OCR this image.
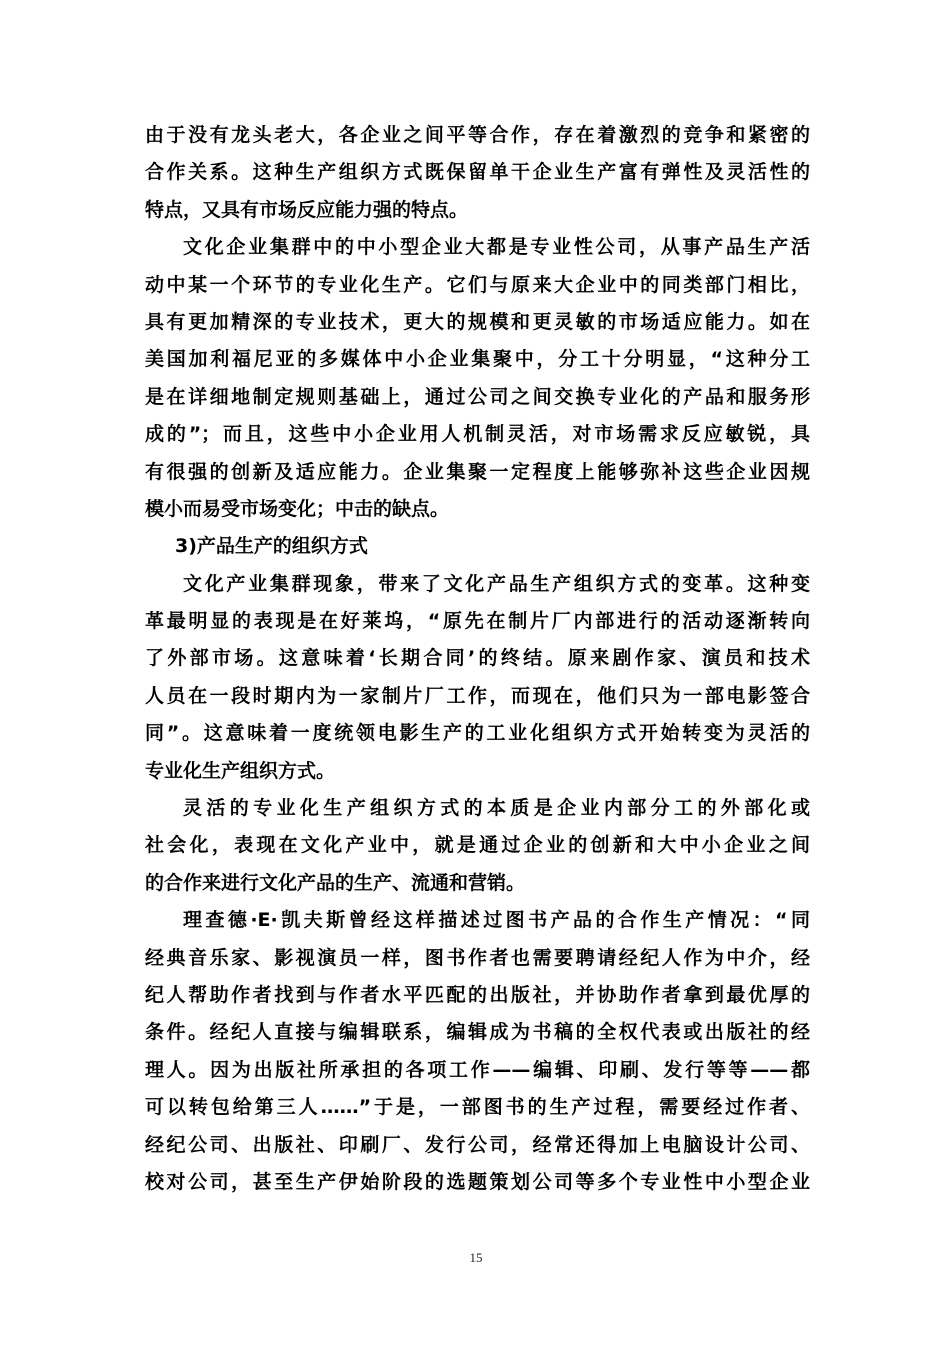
由于没有龙头老大，各企业之间平等合作，存在着激烈的竞争和紧密的
合作关系。这种生产组织方式既保留单干企业生产富有弹性及灵活性的
特点，又具有市场反应能力强的特点。
文化企业集群中的中小型企业大都是专业性公司，从事产品生产活
动中某一个环节的专业化生产。它们与原来大企业中的同类部门相比，
具有更加精深的专业技术，更大的规模和更灵敏的市场适应能力。如在
美国加利福尼亚的多媒体中小企业集聚中，分工十分明显，“这种分工
是在详细地制定规则基础上，通过公司之间交换专业化的产品和服务形
成的”；而且，这些中小企业用人机制灵活，对市场需求反应敏锐，具
有很强的创新及适应能力。企业集聚一定程度上能够弥补这些企业因规
模小而易受市场变化；中击的缺点。
3)产品生产的组织方式
文化产业集群现象，带来了文化产品生产组织方式的变革。这种变
革最明显的表现是在好莱坞，“原先在制片厂内部进行的活动逐渐转向
了外部市场。这意味着‘长期合同’的终结。原来剧作家、演员和技术
人员在一段时期内为一家制片厂工作，而现在，他们只为一部电影签合
同”。这意味着一度统领电影生产的工业化组织方式开始转变为灵活的
专业化生产组织方式。
灵活的专业化生产组织方式的本质是企业内部分工的外部化或
社会化，表现在文化产业中，就是通过企业的创新和大中小企业之间
的合作来进行文化产品的生产、流通和营销。
理查德·E·凯夫斯曾经这样描述过图书产品的合作生产情况：“同
经典音乐家、影视演员一样，图书作者也需要聘请经纪人作为中介，经
纪人帮助作者找到与作者水平匹配的出版社，并协助作者拿到最优厚的
条件。经纪人直接与编辑联系，编辑成为书稿的全权代表或出版社的经
理人。因为出版社所承担的各项工作——编辑、印刷、发行等等——都
可以转包给第三人……”于是，一部图书的生产过程，需要经过作者、
经纪公司、出版社、印刷厂、发行公司，经常还得加上电脑设计公司、
校对公司，甚至生产伊始阶段的选题策划公司等多个专业性中小型企业
15
